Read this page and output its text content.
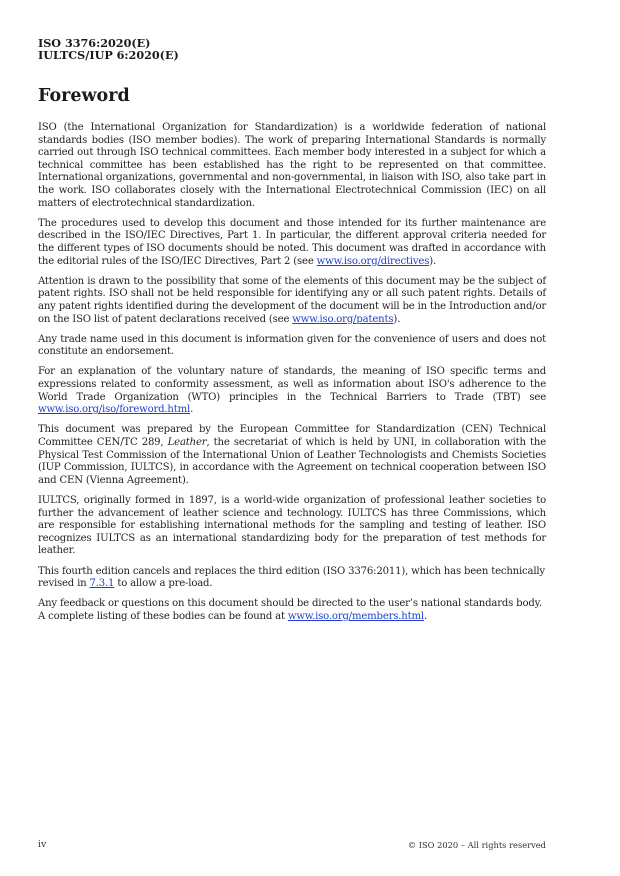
ISO 3376:2020(E)
IULTCS/IUP 6:2020(E)
Foreword

ISO (the International Organization for Standardization) is a worldwide federation of national standards bodies (ISO member bodies). The work of preparing International Standards is normally carried out through ISO technical committees. Each member body interested in a subject for which a technical committee has been established has the right to be represented on that committee. International organizations, governmental and non-governmental, in liaison with ISO, also take part in the work. ISO collaborates closely with the International Electrotechnical Commission (IEC) on all matters of electrotechnical standardization.

The procedures used to develop this document and those intended for its further maintenance are described in the ISO/IEC Directives, Part 1. In particular, the different approval criteria needed for the different types of ISO documents should be noted. This document was drafted in accordance with the editorial rules of the ISO/IEC Directives, Part 2 (see www.iso.org/directives).

Attention is drawn to the possibility that some of the elements of this document may be the subject of patent rights. ISO shall not be held responsible for identifying any or all such patent rights. Details of any patent rights identified during the development of the document will be in the Introduction and/or on the ISO list of patent declarations received (see www.iso.org/patents).

Any trade name used in this document is information given for the convenience of users and does not constitute an endorsement.

For an explanation of the voluntary nature of standards, the meaning of ISO specific terms and expressions related to conformity assessment, as well as information about ISO's adherence to the World Trade Organization (WTO) principles in the Technical Barriers to Trade (TBT) see www.iso.org/iso/foreword.html.

This document was prepared by the European Committee for Standardization (CEN) Technical Committee CEN/TC 289, Leather, the secretariat of which is held by UNI, in collaboration with the Physical Test Commission of the International Union of Leather Technologists and Chemists Societies (IUP Commission, IULTCS), in accordance with the Agreement on technical cooperation between ISO and CEN (Vienna Agreement).

IULTCS, originally formed in 1897, is a world-wide organization of professional leather societies to further the advancement of leather science and technology. IULTCS has three Commissions, which are responsible for establishing international methods for the sampling and testing of leather. ISO recognizes IULTCS as an international standardizing body for the preparation of test methods for leather.

This fourth edition cancels and replaces the third edition (ISO 3376:2011), which has been technically revised in 7.3.1 to allow a pre-load.

Any feedback or questions on this document should be directed to the user’s national standards body. A complete listing of these bodies can be found at www.iso.org/members.html.

iv	© ISO 2020 – All rights reserved
